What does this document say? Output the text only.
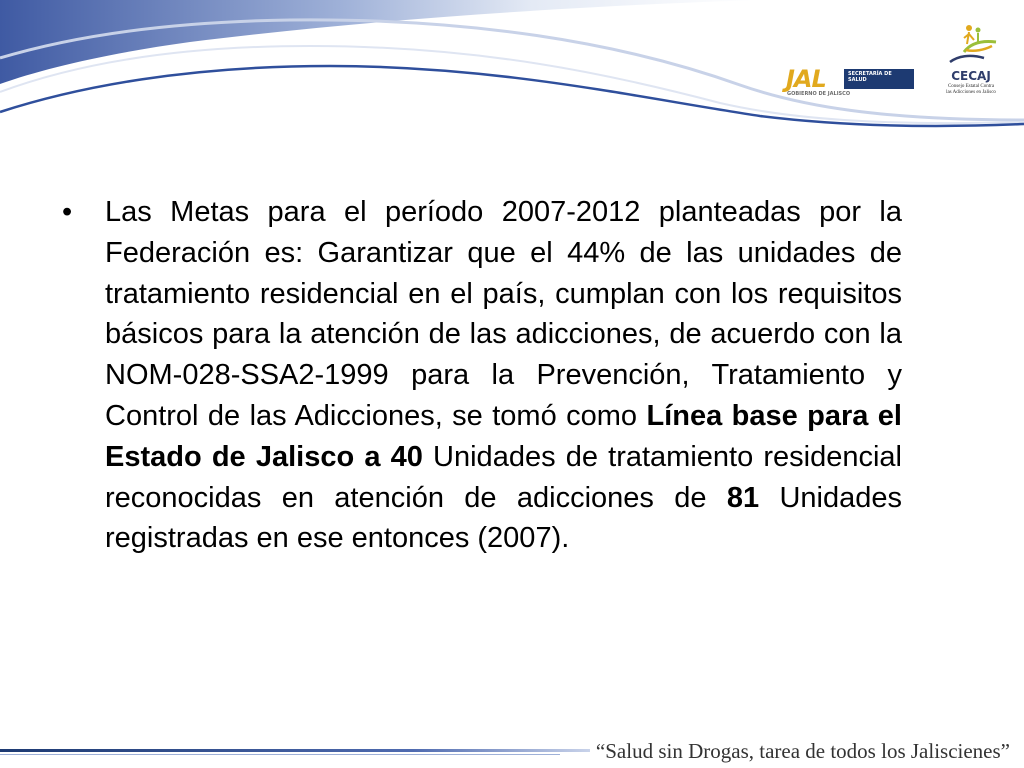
JAL	SECRETARÍA DE
SALUD
GOBIERNO DE JALISCO
CECAJ
Consejo Estatal Contra
las Adicciones en Jalisco
• Las Metas para el período 2007-2012 planteadas por la Federación es: Garantizar que el 44% de las unidades de tratamiento residencial en el país, cumplan con los requisitos básicos para la atención de las adicciones, de acuerdo con la NOM-028-SSA2-1999 para la Prevención, Tratamiento y Control de las Adicciones, se tomó como Línea base para el Estado de Jalisco a 40 Unidades de tratamiento residencial reconocidas en atención de adicciones de 81 Unidades registradas en ese entonces (2007).
“Salud sin Drogas, tarea de todos los Jaliscienes”
